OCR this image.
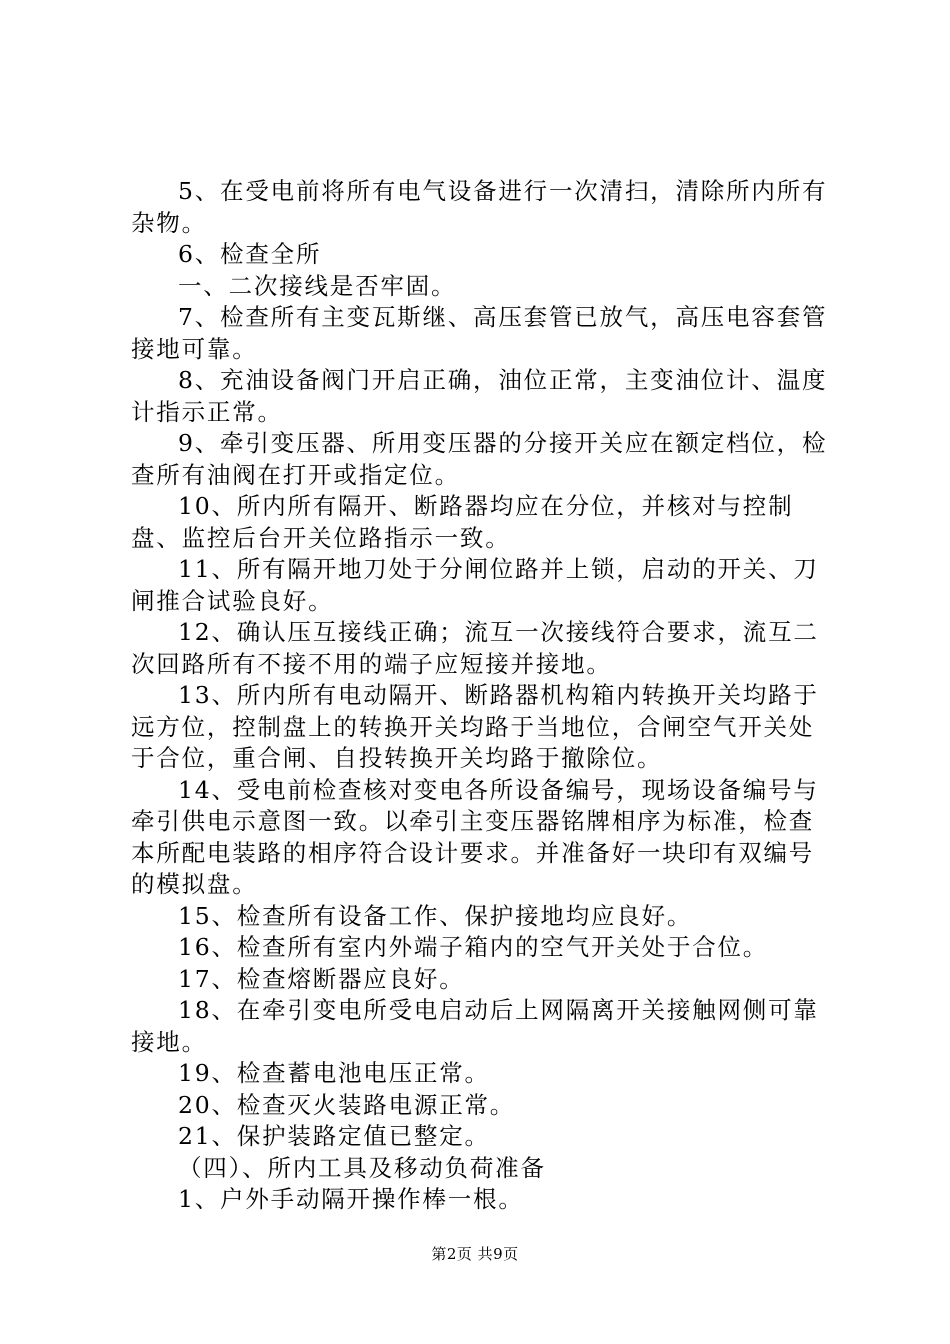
5、在受电前将所有电气设备进行一次清扫，清除所内所有杂物。

6、检查全所

一、二次接线是否牢固。

7、检查所有主变瓦斯继、高压套管已放气，高压电容套管接地可靠。

8、充油设备阀门开启正确，油位正常，主变油位计、温度计指示正常。

9、牵引变压器、所用变压器的分接开关应在额定档位，检查所有油阀在打开或指定位。

10、所内所有隔开、断路器均应在分位，并核对与控制盘、监控后台开关位路指示一致。

11、所有隔开地刀处于分闸位路并上锁，启动的开关、刀闸推合试验良好。

12、确认压互接线正确；流互一次接线符合要求，流互二次回路所有不接不用的端子应短接并接地。

13、所内所有电动隔开、断路器机构箱内转换开关均路于远方位，控制盘上的转换开关均路于当地位，合闸空气开关处于合位，重合闸、自投转换开关均路于撤除位。

14、受电前检查核对变电各所设备编号，现场设备编号与牵引供电示意图一致。以牵引主变压器铭牌相序为标准，检查本所配电装路的相序符合设计要求。并准备好一块印有双编号的模拟盘。

15、检查所有设备工作、保护接地均应良好。

16、检查所有室内外端子箱内的空气开关处于合位。

17、检查熔断器应良好。

18、在牵引变电所受电启动后上网隔离开关接触网侧可靠接地。

19、检查蓄电池电压正常。

20、检查灭火装路电源正常。

21、保护装路定值已整定。

（四）、所内工具及移动负荷准备

1、户外手动隔开操作棒一根。

第2页 共9页
